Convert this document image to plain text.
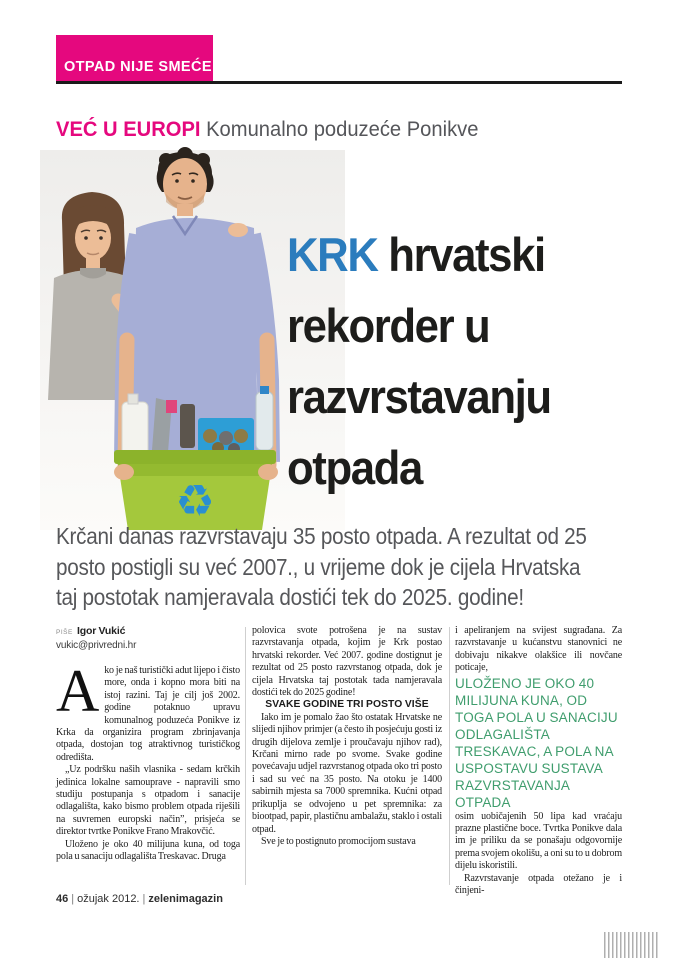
OTPAD NIJE SMEĆE
VEĆ U EUROPI Komunalno poduzeće Ponikve
♻
KRK hrvatski
rekorder u
razvrstavanju
otpada
Krčani danas razvrstavaju 35 posto otpada. A rezultat od 25
posto postigli su već 2007., u vrijeme dok je cijela Hrvatska
taj postotak namjeravala dostići tek do 2025. godine!
PIŠE Igor Vukić
vukic@privredni.hr

Ako je naš turistički adut lijepo i čisto more, onda i kopno mora biti na istoj razini. Taj je cilj još 2002. godine potaknuo upravu komunalnog poduzeća Ponikve iz Krka da organizira program zbrinjavanja otpada, dostojan tog atraktivnog turističkog odredišta.

„Uz podršku naših vlasnika - sedam krčkih jedinica lokalne samouprave - napravili smo studiju postupanja s otpadom i sanacije odlagališta, kako bismo problem otpada riješili na suvremen europski način”, prisjeća se direktor tvrtke Ponikve Frano Mrakovčić.

Uloženo je oko 40 milijuna kuna, od toga pola u sanaciju odlagališta Treskavac. Druga

polovica svote potrošena je na sustav razvrstavanja otpada, kojim je Krk postao hrvatski rekorder. Već 2007. godine dostignut je rezultat od 25 posto razvrstanog otpada, dok je cijela Hrvatska taj postotak tada namjeravala dostići tek do 2025 godine!

SVAKE GODINE TRI POSTO VIŠE

Iako im je pomalo žao što ostatak Hrvatske ne slijedi njihov primjer (a često ih posjećuju gosti iz drugih dijelova zemlje i proučavaju njihov rad), Krčani mirno rade po svome. Svake godine povećavaju udjel razvrstanog otpada oko tri posto i sad su već na 35 posto. Na otoku je 1400 sabirnih mjesta sa 7000 spremnika. Kućni otpad prikuplja se odvojeno u pet spremnika: za biootpad, papir, plastičnu ambalažu, staklo i ostali otpad.

Sve je to postignuto promocijom sustava

i apeliranjem na svijest sugrađana. Za razvrstavanje u kućanstvu stanovnici ne dobivaju nikakve olakšice ili novčane poticaje,

ULOŽENO JE OKO 40 MILIJUNA KUNA, OD TOGA POLA U SANACIJU ODLAGALIŠTA TRESKAVAC, A POLA NA USPOSTAVU SUSTAVA RAZVRSTAVANJA OTPADA

osim uobičajenih 50 lipa kad vraćaju prazne plastične boce. Tvrtka Ponikve dala im je priliku da se ponašaju odgovornije prema svojem okolišu, a oni su to u dobrom dijelu iskoristili.

Razvrstavanje otpada otežano je i činjeni-

46 | ožujak 2012. | zelenimagazin
